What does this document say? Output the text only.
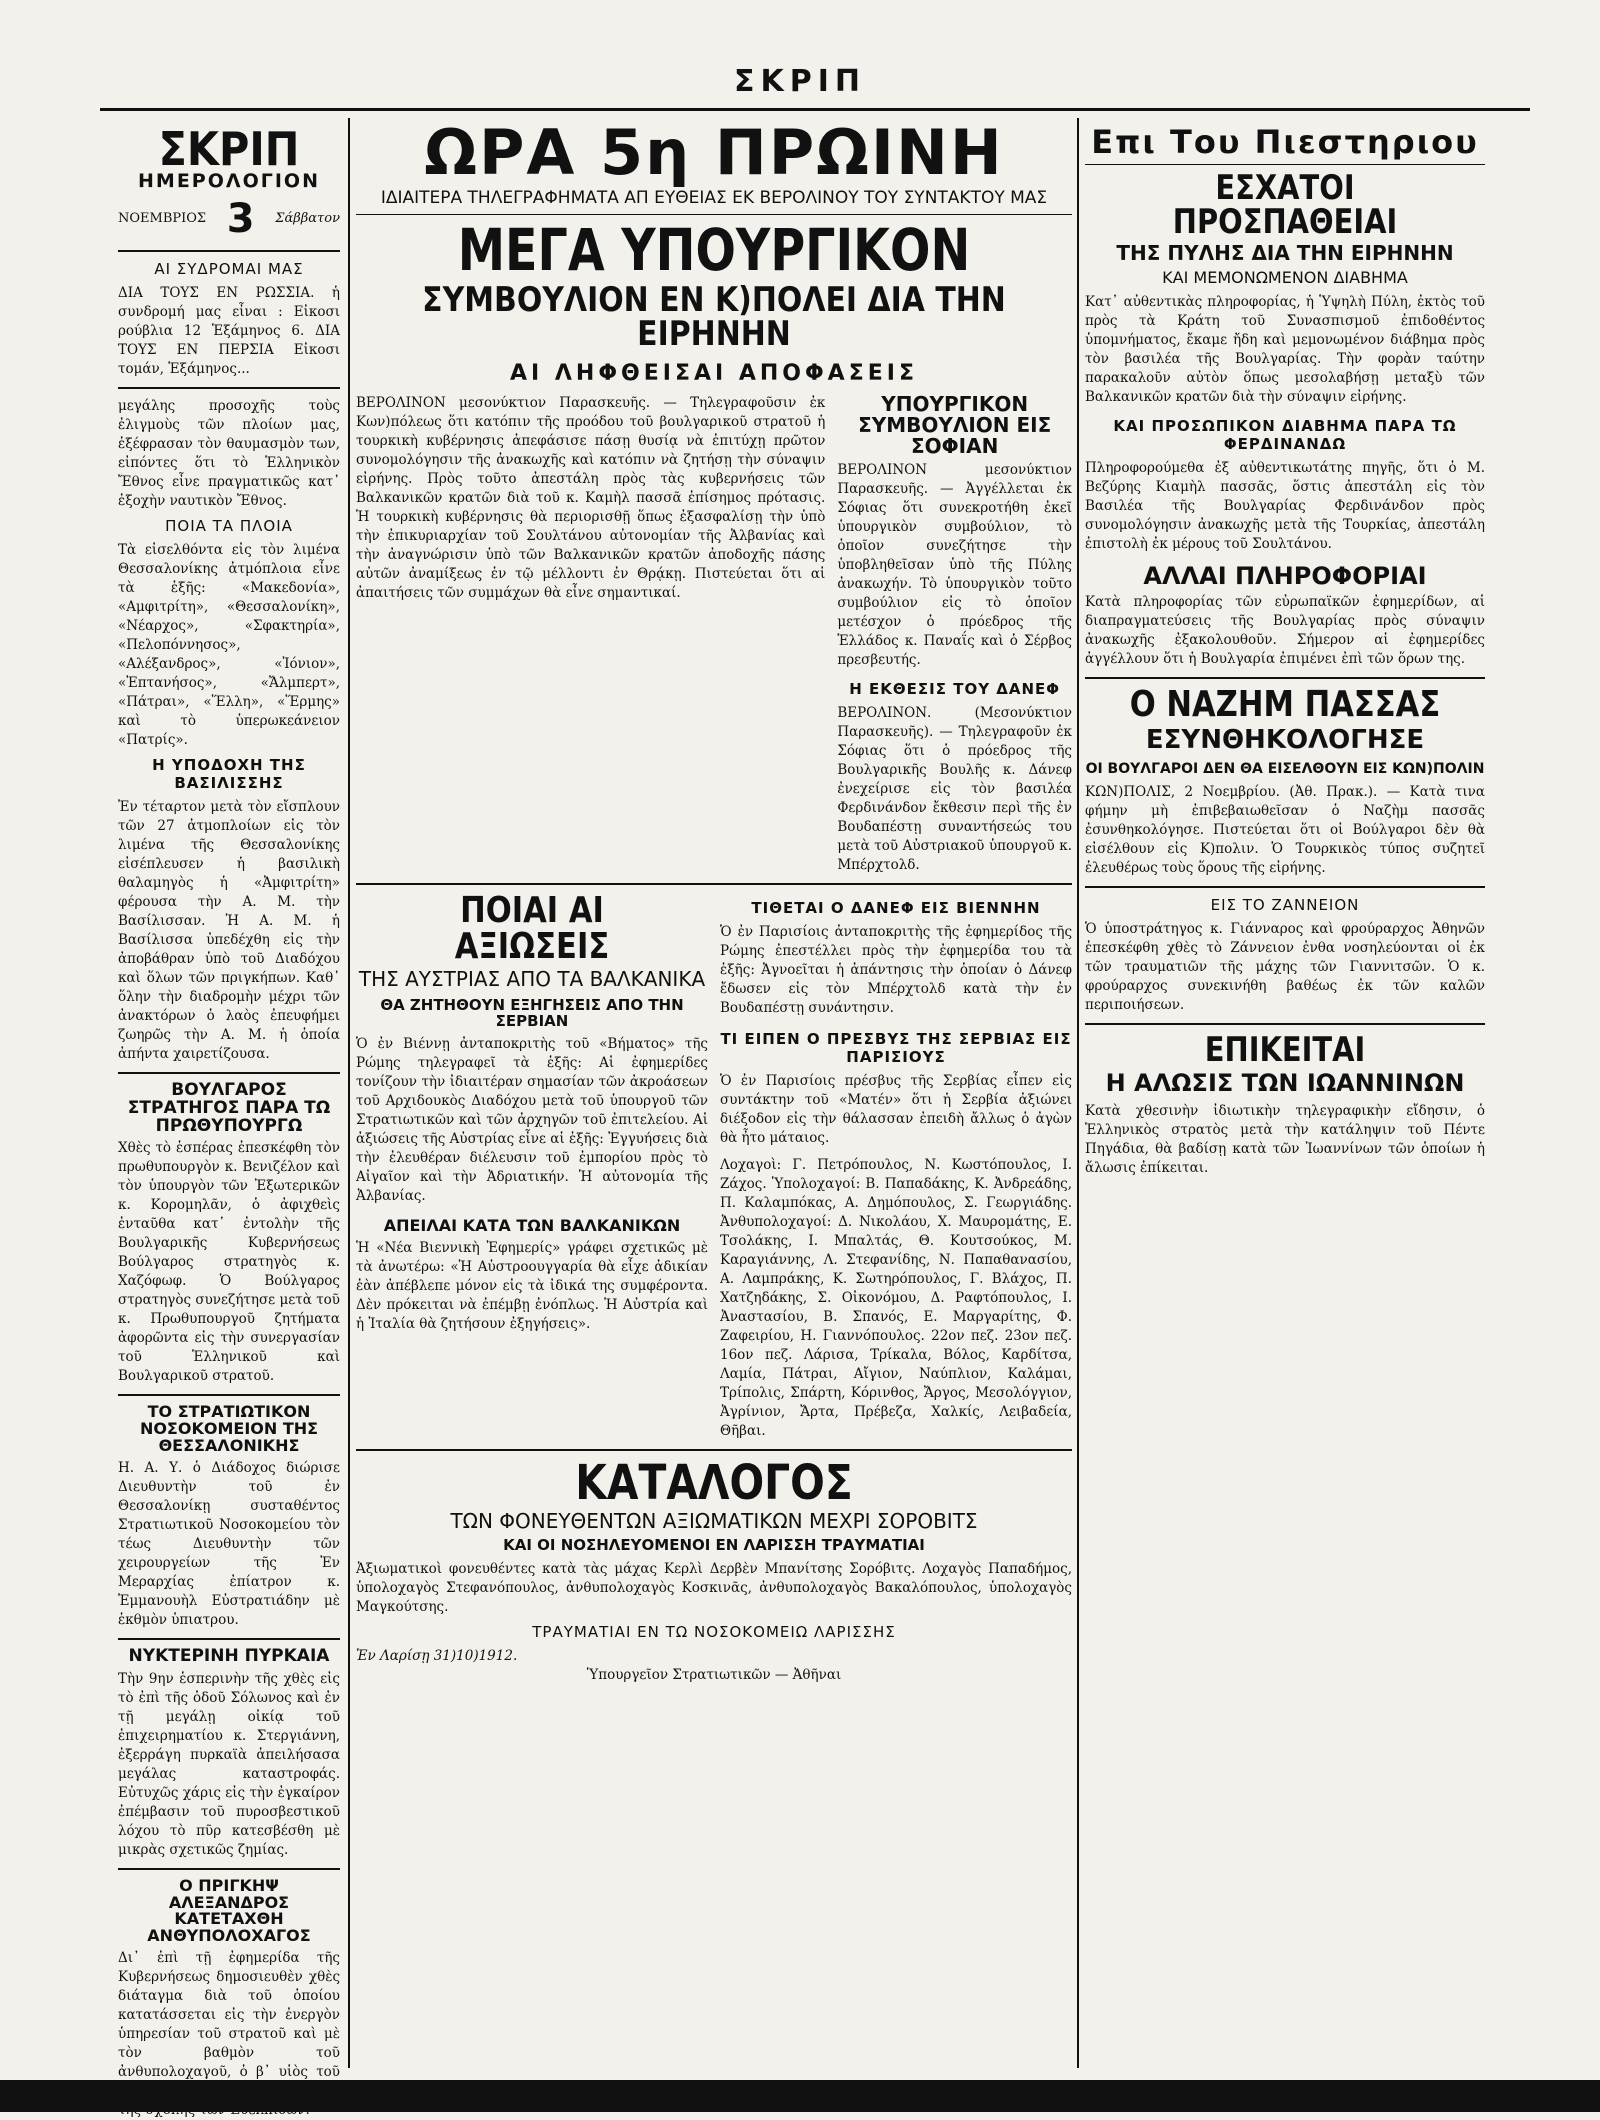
ΣΚΡΙΠ
ΣΚΡΙΠ
ΗΜΕΡΟΛΟΓΙΟΝ
ΝΟΕΜΒΡΙΟΣ 3 Σάββατον
ΑΙ ΣΥΔΡΟΜΑΙ ΜΑΣ
ΔΙΑ ΤΟΥΣ ΕΝ ΡΩΣΣΙΑ. ἡ συνδρομή μας εἶναι : Εἰκοσι ρούβλια 12 Ἑξάμηνος 6. ΔΙΑ ΤΟΥΣ ΕΝ ΠΕΡΣΙΑ Εἰκοσι τομάν, Ἑξάμηνος...
μεγάλης προσοχῆς τοὺς ἐλιγμοὺς τῶν πλοίων μας, ἐξέφρασαν τὸν θαυμασμὸν των, εἰπόντες ὅτι τὸ Ἑλληνικὸν Ἔθνος εἶνε πραγματικῶς κατ᾽ ἐξοχὴν ναυτικὸν Ἔθνος.
ΠΟΙΑ ΤΑ ΠΛΟΙΑ
Τὰ εἰσελθόντα εἰς τὸν λιμένα Θεσσαλονίκης ἀτμόπλοια εἶνε τὰ ἑξῆς: «Μακεδονία», «Αμφιτρίτη», «Θεσσαλονίκη», «Νέαρχος», «Σφακτηρία», «Πελοπόννησος», «Αλέξανδρος», «Ἰόνιον», «Ἐπτανήσος», «Ἄλμπερτ», «Πάτραι», «Ἕλλη», «Ἕρμης» καὶ τὸ ὑπερωκεάνειον «Πατρίς».
Η ΥΠΟΔΟΧΗ ΤΗΣ ΒΑΣΙΛΙΣΣΗΣ
Ἐν τέταρτον μετὰ τὸν εἴσπλουν τῶν 27 ἀτμοπλοίων εἰς τὸν λιμένα τῆς Θεσσαλονίκης εἰσέπλευσεν ἡ βασιλικὴ θαλαμηγὸς ἡ «Ἀμφιτρίτη» φέρουσα τὴν Α. Μ. τὴν Βασίλισσαν. Ἡ Α. Μ. ἡ Βασίλισσα ὑπεδέχθη εἰς τὴν ἀποβάθραν ὑπὸ τοῦ Διαδόχου καὶ ὅλων τῶν πριγκήπων. Καθ᾽ ὅλην τὴν διαδρομὴν μέχρι τῶν ἀνακτόρων ὁ λαὸς ἐπευφήμει ζωηρῶς τὴν Α. Μ. ἡ ὁποία ἀπήντα χαιρετίζουσα.
ΒΟΥΛΓΑΡΟΣ ΣΤΡΑΤΗΓΟΣ ΠΑΡΑ ΤΩ ΠΡΩΘΥΠΟΥΡΓΩ
Χθὲς τὸ ἑσπέρας ἐπεσκέφθη τὸν πρωθυπουργὸν κ. Βενιζέλον καὶ τὸν ὑπουργὸν τῶν Ἐξωτερικῶν κ. Κορομηλᾶν, ὁ ἀφιχθεὶς ἐνταῦθα κατ᾽ ἐντολὴν τῆς Βουλγαρικῆς Κυβερνήσεως Βούλγαρος στρατηγὸς κ. Χαζόφωφ. Ὁ Βούλγαρος στρατηγὸς συνεζήτησε μετὰ τοῦ κ. Πρωθυπουργοῦ ζητήματα ἀφορῶντα εἰς τὴν συνεργασίαν τοῦ Ἑλληνικοῦ καὶ Βουλγαρικοῦ στρατοῦ.
ΤΟ ΣΤΡΑΤΙΩΤΙΚΟΝ ΝΟΣΟΚΟΜΕΙΟΝ ΤΗΣ ΘΕΣΣΑΛΟΝΙΚΗΣ
Η. Α. Υ. ὁ Διάδοχος διώρισε Διευθυντὴν τοῦ ἐν Θεσσαλονίκῃ συσταθέντος Στρατιωτικοῦ Νοσοκομείου τὸν τέως Διευθυντὴν τῶν χειρουργείων τῆς Ἐν Μεραρχίας ἐπίατρον κ. Ἐμμανουὴλ Εὐστρατιάδην μὲ ἑκθμὸν ὑπιατρου.
ΝΥΚΤΕΡΙΝΗ ΠΥΡΚΑΙΑ
Τὴν 9ην ἑσπερινὴν τῆς χθὲς εἰς τὸ ἐπὶ τῆς ὁδοῦ Σόλωνος καὶ ἐν τῇ μεγάλῃ οἰκίᾳ τοῦ ἐπιχειρηματίου κ. Στεργιάννη, ἐξερράγη πυρκαϊὰ ἀπειλήσασα μεγάλας καταστροφάς. Εὐτυχῶς χάρις εἰς τὴν ἐγκαίρον ἐπέμβασιν τοῦ πυροσβεστικοῦ λόχου τὸ πῦρ κατεσβέσθη μὲ μικρὰς σχετικῶς ζημίας.
Ο ΠΡΙΓΚΗΨ ΑΛΕΞΑΝΔΡΟΣ ΚΑΤΕΤΑΧΘΗ ΑΝΘΥΠΟΛΟΧΑΓΟΣ
Δι᾽ ἐπὶ τῇ ἐφημερίδα τῆς Κυβερνήσεως δημοσιευθὲν χθὲς διάταγμα διὰ τοῦ ὁποίου κατατάσσεται εἰς τὴν ἐνεργὸν ὑπηρεσίαν τοῦ στρατοῦ καὶ μὲ τὸν βαθμὸν τοῦ ἀνθυπολοχαγοῦ, ὁ β᾽ υἱὸς τοῦ
ΩΡΑ 5η ΠΡΩΙΝΗ
ΙΔΙΑΙΤΕΡΑ ΤΗΛΕΓΡΑΦΗΜΑΤΑ ΑΠ ΕΥΘΕΙΑΣ ΕΚ ΒΕΡΟΛΙΝΟΥ ΤΟΥ ΣΥΝΤΑΚΤΟΥ ΜΑΣ
ΜΕΓΑ ΥΠΟΥΡΓΙΚΟΝ
ΣΥΜΒΟΥΛΙΟΝ ΕΝ Κ)ΠΟΛΕΙ ΔΙΑ ΤΗΝ ΕΙΡΗΝΗΝ
ΑΙ ΛΗΦΘΕΙΣΑΙ ΑΠΟΦΑΣΕΙΣ
ΒΕΡΟΛΙΝΟΝ μεσονύκτιον Παρασκευῆς. — Τηλεγραφοῦσιν ἐκ Κων)πόλεως ὅτι κατόπιν τῆς προόδου τοῦ βουλγαρικοῦ στρατοῦ ἡ τουρκικὴ κυβέρνησις ἀπεφάσισε πάσῃ θυσίᾳ νὰ ἐπιτύχῃ πρῶτον συνομολόγησιν τῆς ἀνακωχῆς καὶ κατόπιν νὰ ζητήσῃ τὴν σύναψιν εἰρήνης. Πρὸς τοῦτο ἀπεστάλη πρὸς τὰς κυβερνήσεις τῶν Βαλκανικῶν κρατῶν διὰ τοῦ κ. Καμὴλ πασσᾶ ἐπίσημος πρότασις. Ἡ τουρκικὴ κυβέρνησις θὰ περιορισθῇ ὅπως ἐξασφαλίσῃ τὴν ὑπὸ τὴν ἐπικυριαρχίαν τοῦ Σουλτάνου αὐτονομίαν τῆς Ἀλβανίας καὶ τὴν ἀναγνώρισιν ὑπὸ τῶν Βαλκανικῶν κρατῶν ἀποδοχῆς πάσης αὐτῶν ἀναμίξεως ἐν τῷ μέλλοντι ἐν Θρᾴκῃ. Πιστεύεται ὅτι αἱ ἀπαιτήσεις τῶν συμμάχων θὰ εἶνε σημαντικαί.
ΥΠΟΥΡΓΙΚΟΝ ΣΥΜΒΟΥΛΙΟΝ ΕΙΣ ΣΟΦΙΑΝ
ΒΕΡΟΛΙΝΟΝ μεσονύκτιον Παρασκευῆς. — Ἀγγέλλεται ἐκ Σόφιας ὅτι συνεκροτήθη ἐκεῖ ὑπουργικὸν συμβούλιον, τὸ ὁποῖον συνεζήτησε τὴν ὑποβληθεῖσαν ὑπὸ τῆς Πύλης ἀνακωχήν. Τὸ ὑπουργικὸν τοῦτο συμβούλιον εἰς τὸ ὁποῖον μετέσχον ὁ πρόεδρος τῆς Ἑλλάδος κ. Παναΐς καὶ ὁ Σέρβος πρεσβευτής.
Η ΕΚΘΕΣΙΣ ΤΟΥ ΔΑΝΕΦ
ΒΕΡΟΛΙΝΟΝ. (Μεσονύκτιον Παρασκευῆς). — Τηλεγραφοῦν ἐκ Σόφιας ὅτι ὁ πρόεδρος τῆς Βουλγαρικῆς Βουλῆς κ. Δάνεφ ἐνεχείρισε εἰς τὸν βασιλέα Φερδινάνδον ἔκθεσιν περὶ τῆς ἐν Βουδαπέστῃ συναντήσεώς του μετὰ τοῦ Αὐστριακοῦ ὑπουργοῦ κ. Μπέρχτολδ.
ΠΟΙΑΙ ΑΙ ΑΞΙΩΣΕΙΣ
ΤΗΣ ΑΥΣΤΡΙΑΣ ΑΠΟ ΤΑ ΒΑΛΚΑΝΙΚΑ
ΘΑ ΖΗΤΗΘΟΥΝ ΕΞΗΓΗΣΕΙΣ ΑΠΟ ΤΗΝ ΣΕΡΒΙΑΝ
Ὁ ἐν Βιέννῃ ἀνταποκριτὴς τοῦ «Βήματος» τῆς Ρώμης τηλεγραφεῖ τὰ ἑξῆς: Αἱ ἐφημερίδες τονίζουν τὴν ἰδιαιτέραν σημασίαν τῶν ἀκροάσεων τοῦ Αρχιδουκὸς Διαδόχου μετὰ τοῦ ὑπουργοῦ τῶν Στρατιωτικῶν καὶ τῶν ἀρχηγῶν τοῦ ἐπιτελείου. Αἱ ἀξιώσεις τῆς Αὐστρίας εἶνε αἱ ἑξῆς: Ἐγγυήσεις διὰ τὴν ἐλευθέραν διέλευσιν τοῦ ἐμπορίου πρὸς τὸ Αἰγαῖον καὶ τὴν Ἀδριατικήν. Ἡ αὐτονομία τῆς Ἀλβανίας.
ΑΠΕΙΛΑΙ ΚΑΤΑ ΤΩΝ ΒΑΛΚΑΝΙΚΩΝ
Ἡ «Νέα Βιεννικὴ Ἐφημερίς» γράφει σχετικῶς μὲ τὰ ἀνωτέρω: «Ἡ Αὐστροουγγαρία θὰ εἶχε ἀδικίαν ἐὰν ἀπέβλεπε μόνον εἰς τὰ ἰδικά της συμφέροντα. Δὲν πρόκειται νὰ ἐπέμβῃ ἐνόπλως. Ἡ Αὐστρία καὶ ἡ Ἰταλία θὰ ζητήσουν ἐξηγήσεις».
ΤΙΘΕΤΑΙ Ο ΔΑΝΕΦ ΕΙΣ ΒΙΕΝΝΗΝ
Ὁ ἐν Παρισίοις ἀνταποκριτὴς τῆς ἐφημερίδος τῆς Ρώμης ἐπεστέλλει πρὸς τὴν ἐφημερίδα του τὰ ἑξῆς: Ἀγνοεῖται ἡ ἀπάντησις τὴν ὁποίαν ὁ Δάνεφ ἔδωσεν εἰς τὸν Μπέρχτολδ κατὰ τὴν ἐν Βουδαπέστῃ συνάντησιν.
ΤΙ ΕΙΠΕΝ Ο ΠΡΕΣΒΥΣ ΤΗΣ ΣΕΡΒΙΑΣ ΕΙΣ ΠΑΡΙΣΙΟΥΣ
Ὁ ἐν Παρισίοις πρέσβυς τῆς Σερβίας εἶπεν εἰς συντάκτην τοῦ «Ματέν» ὅτι ἡ Σερβία ἀξιώνει διέξοδον εἰς τὴν θάλασσαν ἐπειδὴ ἄλλως ὁ ἀγὼν θὰ ἦτο μάταιος.
Λοχαγοὶ: Γ. Πετρόπουλος, Ν. Κωστόπουλος, Ι. Ζάχος. Ὑπολοχαγοί: Β. Παπαδάκης, Κ. Ἀνδρεάδης, Π. Καλαμπόκας, Α. Δημόπουλος, Σ. Γεωργιάδης. Ἀνθυπολοχαγοί: Δ. Νικολάου, Χ. Μαυρομάτης, Ε. Τσολάκης, Ι. Μπαλτάς, Θ. Κουτσούκος, Μ. Καραγιάννης, Λ. Στεφανίδης, Ν. Παπαθανασίου, Α. Λαμπράκης, Κ. Σωτηρόπουλος, Γ. Βλάχος, Π. Χατζηδάκης, Σ. Οἰκονόμου, Δ. Ραφτόπουλος, Ι. Ἀναστασίου, Β. Σπανός, Ε. Μαργαρίτης, Φ. Ζαφειρίου, Η. Γιαννόπουλος. 22ον πεζ. 23ον πεζ. 16ον πεζ. Λάρισα, Τρίκαλα, Βόλος, Καρδίτσα, Λαμία, Πάτραι, Αἴγιον, Ναύπλιον, Καλάμαι, Τρίπολις, Σπάρτη, Κόρινθος, Ἄργος, Μεσολόγγιον, Ἀγρίνιον, Ἄρτα, Πρέβεζα, Χαλκίς, Λειβαδεία, Θῆβαι.
ΚΑΤΑΛΟΓΟΣ
ΤΩΝ ΦΟΝΕΥΘΕΝΤΩΝ ΑΞΙΩΜΑΤΙΚΩΝ ΜΕΧΡΙ ΣΟΡΟΒΙΤΣ
ΚΑΙ ΟΙ ΝΟΣΗΛΕΥΟΜΕΝΟΙ ΕΝ ΛΑΡΙΣΣΗ ΤΡΑΥΜΑΤΙΑΙ
Ἀξιωματικοὶ φονευθέντες κατὰ τὰς μάχας Κερλὶ Δερβὲν Μπανίτσης Σορόβιτς. Λοχαγὸς Παπαδήμος, ὑπολοχαγὸς Στεφανόπουλος, ἀνθυπολοχαγὸς Κοσκινᾶς, ἀνθυπολοχαγὸς Βακαλόπουλος, ὑπολοχαγὸς Μαγκούτσης.
ΤΡΑΥΜΑΤΙΑΙ ΕΝ ΤΩ ΝΟΣΟΚΟΜΕΙΩ ΛΑΡΙΣΣΗΣ
Ἐν Λαρίσῃ 31)10)1912.
Ὑπουργεῖον Στρατιωτικῶν — Ἀθῆναι
Επι Του Πιεστηριου
ΕΣΧΑΤΟΙ ΠΡΟΣΠΑΘΕΙΑΙ
ΤΗΣ ΠΥΛΗΣ ΔΙΑ ΤΗΝ ΕΙΡΗΝΗΝ
ΚΑΙ ΜΕΜΟΝΩΜΕΝΟΝ ΔΙΑΒΗΜΑ
Κατ᾽ αὐθεντικὰς πληροφορίας, ἡ Ὑψηλὴ Πύλη, ἐκτὸς τοῦ πρὸς τὰ Κράτη τοῦ Συνασπισμοῦ ἐπιδοθέντος ὑπομνήματος, ἔκαμε ἤδη καὶ μεμονωμένον διάβημα πρὸς τὸν βασιλέα τῆς Βουλγαρίας. Τὴν φορὰν ταύτην παρακαλοῦν αὐτὸν ὅπως μεσολαβήσῃ μεταξὺ τῶν Βαλκανικῶν κρατῶν διὰ τὴν σύναψιν εἰρήνης.
ΚΑΙ ΠΡΟΣΩΠΙΚΟΝ ΔΙΑΒΗΜΑ ΠΑΡΑ ΤΩ ΦΕΡΔΙΝΑΝΔΩ
Πληροφορούμεθα ἐξ αὐθεντικωτάτης πηγῆς, ὅτι ὁ Μ. Βεζύρης Κιαμὴλ πασσᾶς, ὅστις ἀπεστάλη εἰς τὸν Βασιλέα τῆς Βουλγαρίας Φερδινάνδον πρὸς συνομολόγησιν ἀνακωχῆς μετὰ τῆς Τουρκίας, ἀπεστάλη ἐπιστολὴ ἐκ μέρους τοῦ Σουλτάνου.
ΑΛΛΑΙ ΠΛΗΡΟΦΟΡΙΑΙ
Κατὰ πληροφορίας τῶν εὐρωπαϊκῶν ἐφημερίδων, αἱ διαπραγματεύσεις τῆς Βουλγαρίας πρὸς σύναψιν ἀνακωχῆς ἐξακολουθοῦν. Σήμερον αἱ ἐφημερίδες ἀγγέλλουν ὅτι ἡ Βουλγαρία ἐπιμένει ἐπὶ τῶν ὅρων της.
Ο ΝΑΖΗΜ ΠΑΣΣΑΣ
ΕΣΥΝΘΗΚΟΛΟΓΗΣΕ
ΟΙ ΒΟΥΛΓΑΡΟΙ ΔΕΝ ΘΑ ΕΙΣΕΛΘΟΥΝ ΕΙΣ ΚΩΝ)ΠΟΛΙΝ
ΚΩΝ)ΠΟΛΙΣ, 2 Νοεμβρίου. (Ἀθ. Πρακ.). — Κατὰ τινα φήμην μὴ ἐπιβεβαιωθεῖσαν ὁ Ναζὴμ πασσᾶς ἐσυνθηκολόγησε. Πιστεύεται ὅτι οἱ Βούλγαροι δὲν θὰ εἰσέλθουν εἰς Κ)πολιν. Ὁ Τουρκικὸς τύπος συζητεῖ ἐλευθέρως τοὺς ὅρους τῆς εἰρήνης.
ΕΙΣ ΤΟ ΖΑΝΝΕΙΟΝ
Ὁ ὑποστράτηγος κ. Γιάνναρος καὶ φρούραρχος Ἀθηνῶν ἐπεσκέφθη χθὲς τὸ Ζάννειον ἐνθα νοσηλεύονται οἱ ἐκ τῶν τραυματιῶν τῆς μάχης τῶν Γιαννιτσῶν. Ὁ κ. φρούραρχος συνεκινήθη βαθέως ἐκ τῶν καλῶν περιποιήσεων.
ΕΠΙΚΕΙΤΑΙ
Η ΑΛΩΣΙΣ ΤΩΝ ΙΩΑΝΝΙΝΩΝ
Κατὰ χθεσινὴν ἰδιωτικὴν τηλεγραφικὴν εἴδησιν, ὁ Ἑλληνικὸς στρατὸς μετὰ τὴν κατάληψιν τοῦ Πέντε Πηγάδια, θὰ βαδίσῃ κατὰ τῶν Ἰωαννίνων τῶν ὁποίων ἡ ἄλωσις ἐπίκειται.
